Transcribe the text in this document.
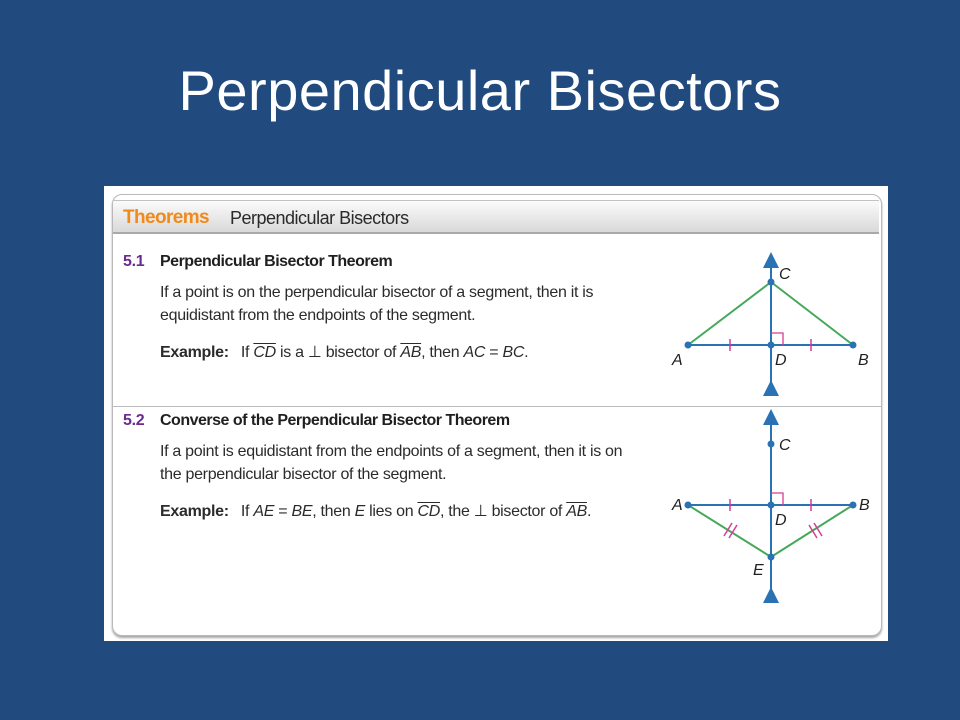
Perpendicular Bisectors
Theorems Perpendicular Bisectors
5.1 Perpendicular Bisector Theorem
If a point is on the perpendicular bisector of a segment, then it is equidistant from the endpoints of the segment.
Example: If $\overline{CD}$ is a ⊥ bisector of $\overline{AB}$, then AC = BC.
C
A	B
D
5.2 Converse of the Perpendicular Bisector Theorem
If a point is equidistant from the endpoints of a segment, then it is on the perpendicular bisector of the segment.
Example: If AE = BE, then E lies on $\overline{CD}$, the ⊥ bisector of $\overline{AB}$.
C
A	B
D
E
